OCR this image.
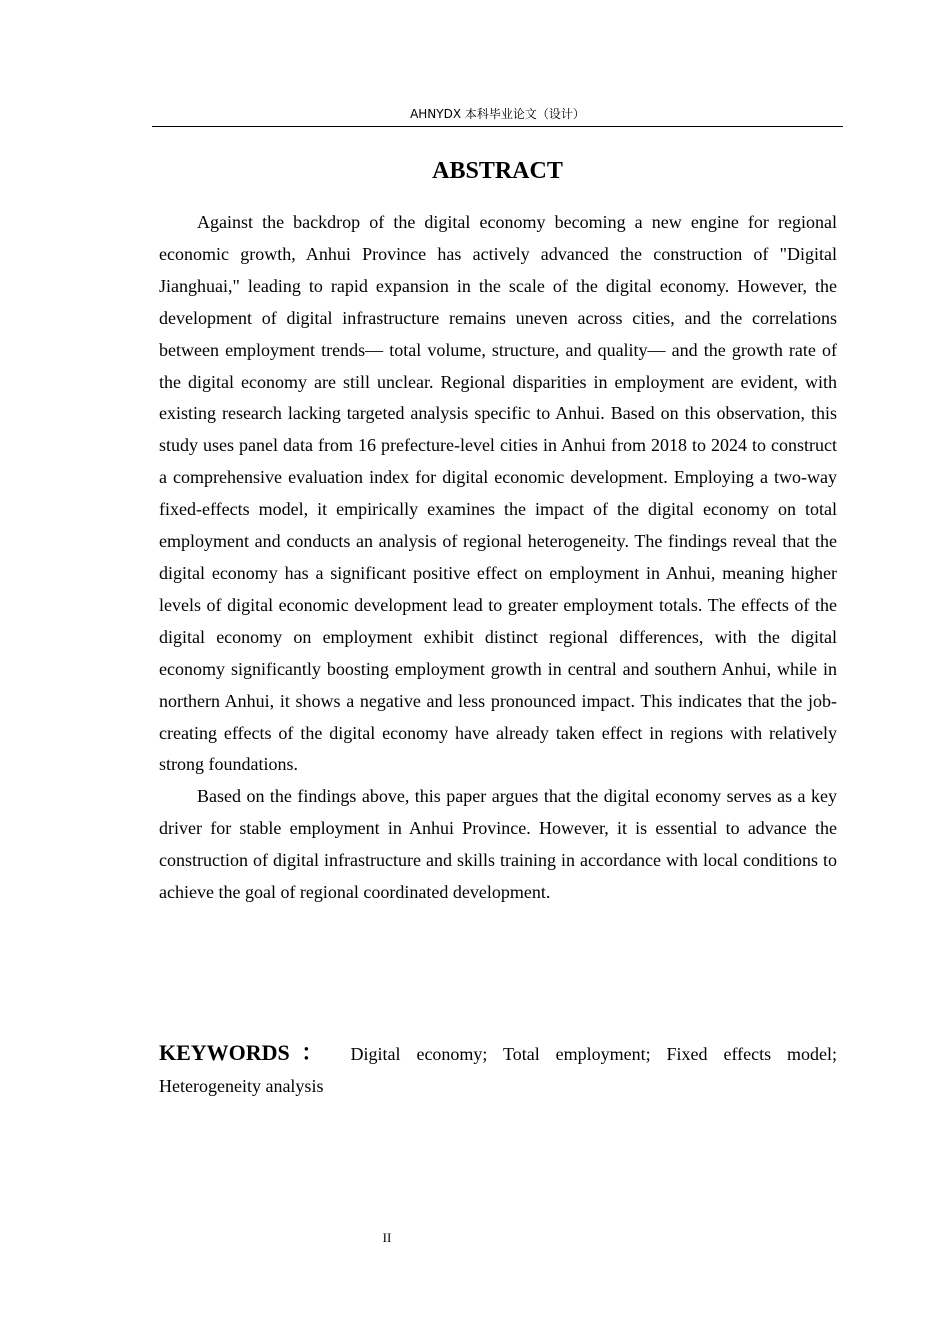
AHNYDX 本科毕业论文（设计）
ABSTRACT

Against the backdrop of the digital economy becoming a new engine for regional economic growth, Anhui Province has actively advanced the construction of "Digital Jianghuai," leading to rapid expansion in the scale of the digital economy. However, the development of digital infrastructure remains uneven across cities, and the correlations between employment trends— total volume, structure, and quality— and the growth rate of the digital economy are still unclear. Regional disparities in employment are evident, with existing research lacking targeted analysis specific to Anhui. Based on this observation, this study uses panel data from 16 prefecture-level cities in Anhui from 2018 to 2024 to construct a comprehensive evaluation index for digital economic development. Employing a two-way fixed-effects model, it empirically examines the impact of the digital economy on total employment and conducts an analysis of regional heterogeneity. The findings reveal that the digital economy has a significant positive effect on employment in Anhui, meaning higher levels of digital economic development lead to greater employment totals. The effects of the digital economy on employment exhibit distinct regional differences, with the digital economy significantly boosting employment growth in central and southern Anhui, while in northern Anhui, it shows a negative and less pronounced impact. This indicates that the job-creating effects of the digital economy have already taken effect in regions with relatively strong foundations.

Based on the findings above, this paper argues that the digital economy serves as a key driver for stable employment in Anhui Province. However, it is essential to advance the construction of digital infrastructure and skills training in accordance with local conditions to achieve the goal of regional coordinated development.

KEYWORDS： Digital economy; Total employment; Fixed effects model; Heterogeneity analysis

II
